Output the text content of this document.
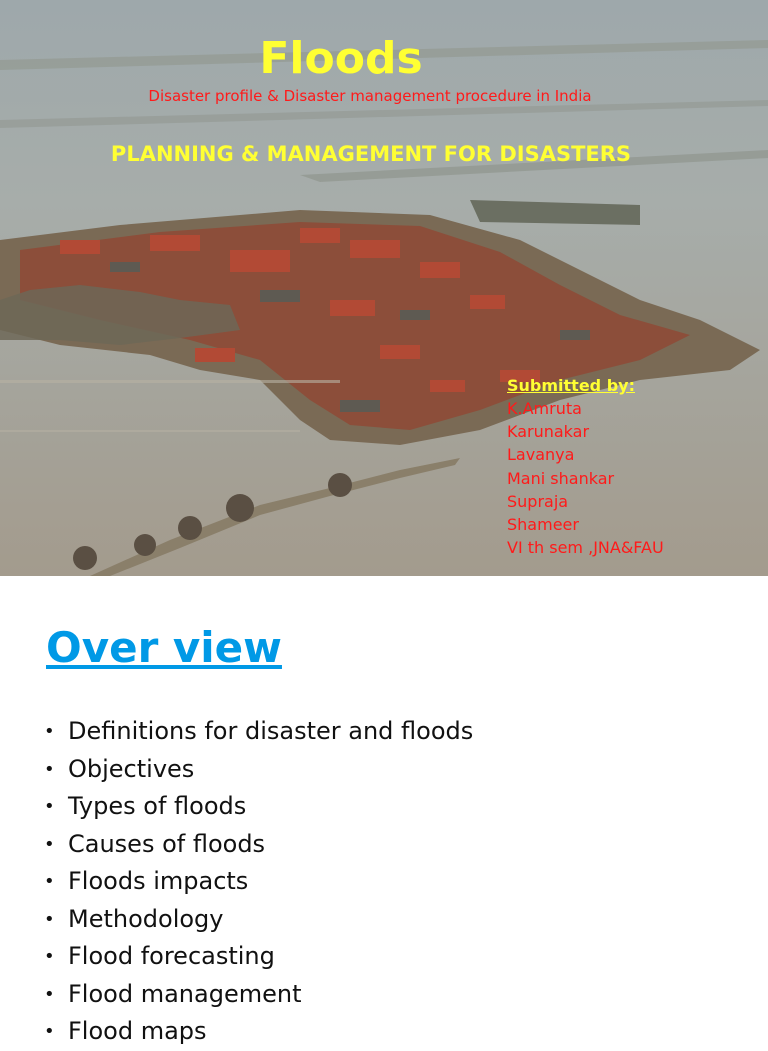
Floods
Disaster profile & Disaster management procedure in India
PLANNING & MANAGEMENT FOR DISASTERS
Submitted by:
K.Amruta
Karunakar
Lavanya
Mani shankar
Supraja
Shameer
VI th sem ,JNA&FAU
Over view
• Definitions for disaster and floods
• Objectives
• Types of floods
• Causes of floods
• Floods impacts
• Methodology
• Flood forecasting
• Flood management
• Flood maps
